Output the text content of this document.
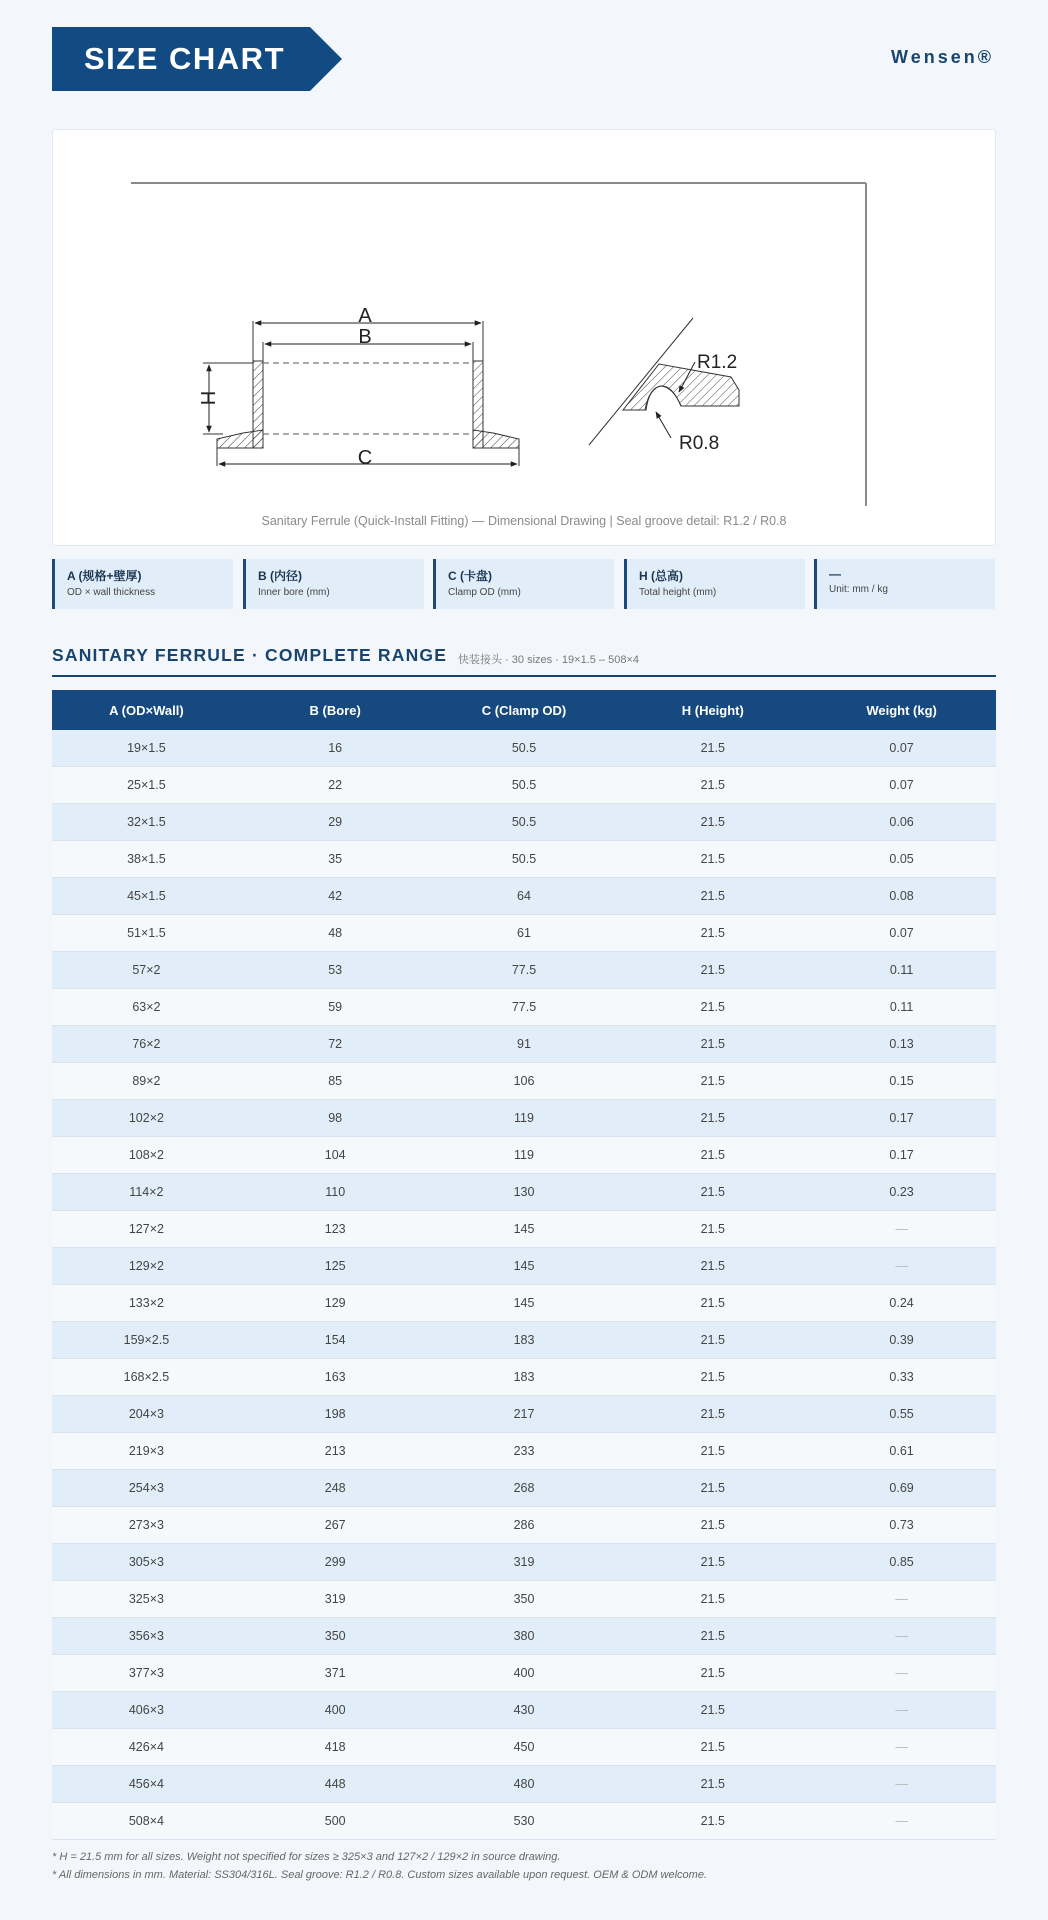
SIZE CHART	Wensen®
A
B
C
H
R1.2
R0.8
Sanitary Ferrule (Quick-Install Fitting) — Dimensional Drawing | Seal groove detail: R1.2 / R0.8
A (规格+壁厚)
OD × wall thickness
B (内径)
Inner bore (mm)
C (卡盘)
Clamp OD (mm)
H (总高)
Total height (mm)
—
Unit: mm / kg
SANITARY FERRULE · COMPLETE RANGE 快装接头 · 30 sizes · 19×1.5 – 508×4
A (OD×Wall)	B (Bore)	C (Clamp OD)	H (Height)	Weight (kg)
19×1.5	16	50.5	21.5	0.07
25×1.5	22	50.5	21.5	0.07
32×1.5	29	50.5	21.5	0.06
38×1.5	35	50.5	21.5	0.05
45×1.5	42	64	21.5	0.08
51×1.5	48	61	21.5	0.07
57×2	53	77.5	21.5	0.11
63×2	59	77.5	21.5	0.11
76×2	72	91	21.5	0.13
89×2	85	106	21.5	0.15
102×2	98	119	21.5	0.17
108×2	104	119	21.5	0.17
114×2	110	130	21.5	0.23
127×2	123	145	21.5	—
129×2	125	145	21.5	—
133×2	129	145	21.5	0.24
159×2.5	154	183	21.5	0.39
168×2.5	163	183	21.5	0.33
204×3	198	217	21.5	0.55
219×3	213	233	21.5	0.61
254×3	248	268	21.5	0.69
273×3	267	286	21.5	0.73
305×3	299	319	21.5	0.85
325×3	319	350	21.5	—
356×3	350	380	21.5	—
377×3	371	400	21.5	—
406×3	400	430	21.5	—
426×4	418	450	21.5	—
456×4	448	480	21.5	—
508×4	500	530	21.5	—
* H = 21.5 mm for all sizes. Weight not specified for sizes ≥ 325×3 and 127×2 / 129×2 in source drawing.
* All dimensions in mm. Material: SS304/316L. Seal groove: R1.2 / R0.8. Custom sizes available upon request. OEM & ODM welcome.
